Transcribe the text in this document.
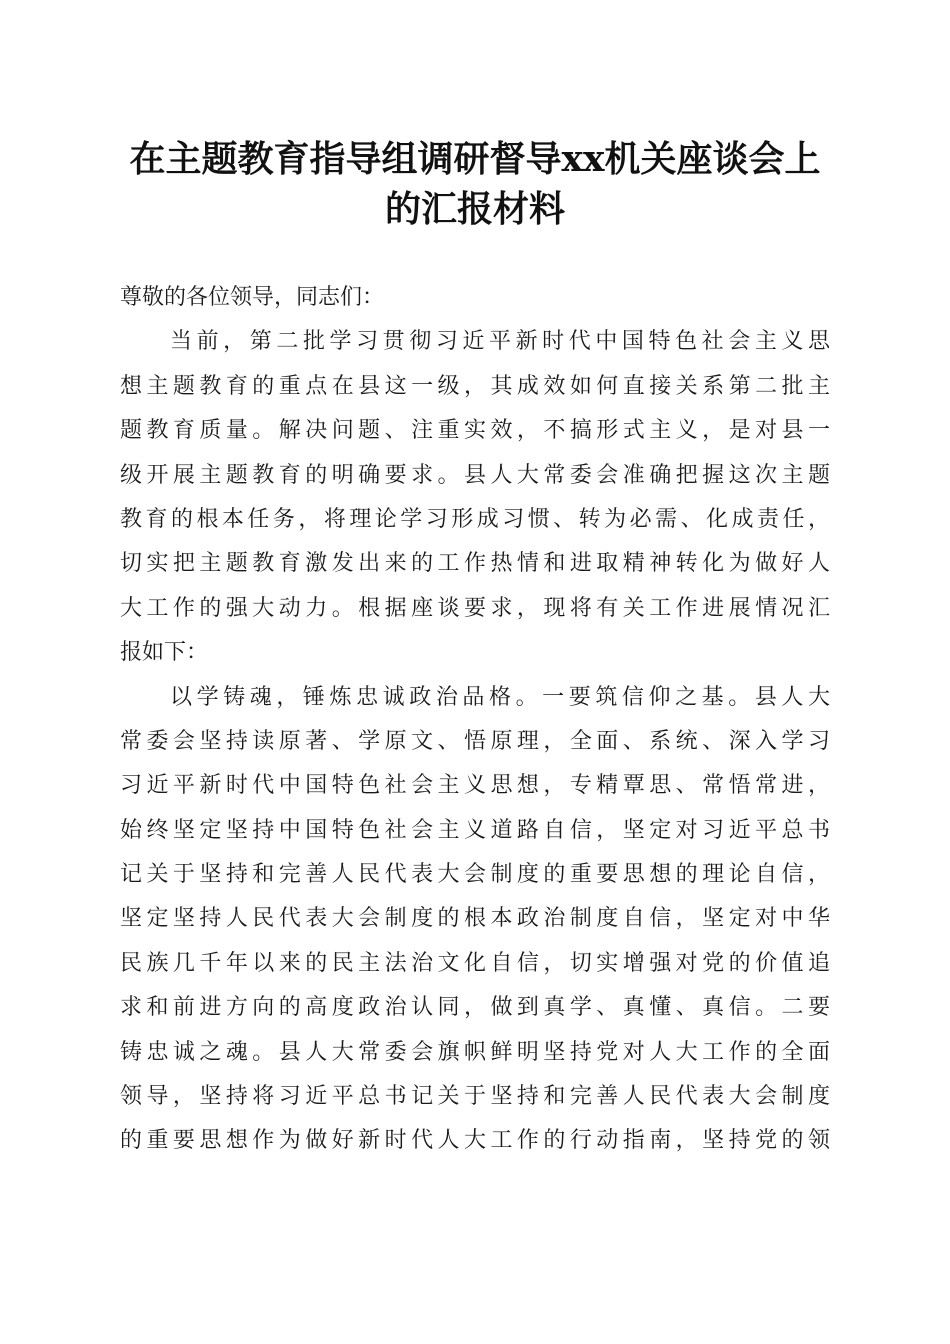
在主题教育指导组调研督导xx机关座谈会上
的汇报材料
尊敬的各位领导，同志们：
当前，第二批学习贯彻习近平新时代中国特色社会主义思
想主题教育的重点在县这一级，其成效如何直接关系第二批主
题教育质量。解决问题、注重实效，不搞形式主义，是对县一
级开展主题教育的明确要求。县人大常委会准确把握这次主题
教育的根本任务，将理论学习形成习惯、转为必需、化成责任，
切实把主题教育激发出来的工作热情和进取精神转化为做好人
大工作的强大动力。根据座谈要求，现将有关工作进展情况汇
报如下：
以学铸魂，锤炼忠诚政治品格。一要筑信仰之基。县人大
常委会坚持读原著、学原文、悟原理，全面、系统、深入学习
习近平新时代中国特色社会主义思想，专精覃思、常悟常进，
始终坚定坚持中国特色社会主义道路自信，坚定对习近平总书
记关于坚持和完善人民代表大会制度的重要思想的理论自信，
坚定坚持人民代表大会制度的根本政治制度自信，坚定对中华
民族几千年以来的民主法治文化自信，切实增强对党的价值追
求和前进方向的高度政治认同，做到真学、真懂、真信。二要
铸忠诚之魂。县人大常委会旗帜鲜明坚持党对人大工作的全面
领导，坚持将习近平总书记关于坚持和完善人民代表大会制度
的重要思想作为做好新时代人大工作的行动指南，坚持党的领
